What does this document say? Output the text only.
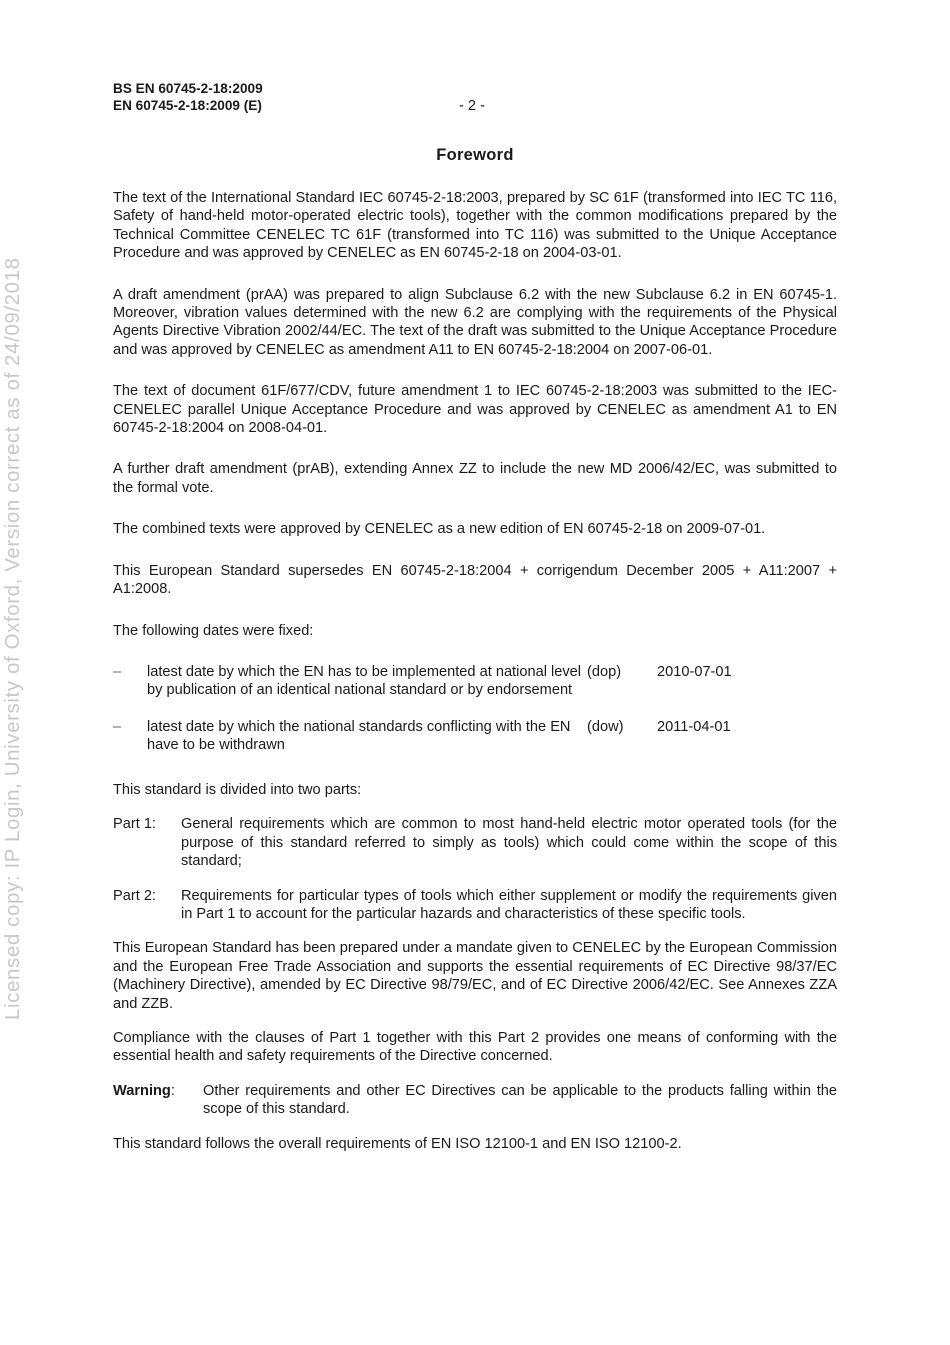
Licensed copy: IP Login, University of Oxford, Version correct as of 24/09/2018
BS EN 60745-2-18:2009
EN 60745-2-18:2009 (E)	- 2 -
Foreword

The text of the International Standard IEC 60745-2-18:2003, prepared by SC 61F (transformed into IEC TC 116, Safety of hand-held motor-operated electric tools), together with the common modifications prepared by the Technical Committee CENELEC TC 61F (transformed into TC 116) was submitted to the Unique Acceptance Procedure and was approved by CENELEC as EN 60745-2-18 on 2004-03-01.

A draft amendment (prAA) was prepared to align Subclause 6.2 with the new Subclause 6.2 in EN 60745-1. Moreover, vibration values determined with the new 6.2 are complying with the requirements of the Physical Agents Directive Vibration 2002/44/EC. The text of the draft was submitted to the Unique Acceptance Procedure and was approved by CENELEC as amendment A11 to EN 60745-2-18:2004 on 2007-06-01.

The text of document 61F/677/CDV, future amendment 1 to IEC 60745-2-18:2003 was submitted to the IEC-CENELEC parallel Unique Acceptance Procedure and was approved by CENELEC as amendment A1 to EN 60745-2-18:2004 on 2008-04-01.

A further draft amendment (prAB), extending Annex ZZ to include the new MD 2006/42/EC, was submitted to the formal vote.

The combined texts were approved by CENELEC as a new edition of EN 60745-2-18 on 2009-07-01.

This European Standard supersedes EN 60745-2-18:2004 + corrigendum December 2005 + A11:2007 + A1:2008.

The following dates were fixed:

– latest date by which the EN has to be implemented at national level by publication of an identical national standard or by endorsement
(dop) 2010-07-01
– latest date by which the national standards conflicting with the EN have to be withdrawn
(dow) 2011-04-01

This standard is divided into two parts:

Part 1: General requirements which are common to most hand-held electric motor operated tools (for the purpose of this standard referred to simply as tools) which could come within the scope of this standard;
Part 2: Requirements for particular types of tools which either supplement or modify the requirements given in Part 1 to account for the particular hazards and characteristics of these specific tools.

This European Standard has been prepared under a mandate given to CENELEC by the European Commission and the European Free Trade Association and supports the essential requirements of EC Directive 98/37/EC (Machinery Directive), amended by EC Directive 98/79/EC, and of EC Directive 2006/42/EC. See Annexes ZZA and ZZB.

Compliance with the clauses of Part 1 together with this Part 2 provides one means of conforming with the essential health and safety requirements of the Directive concerned.

Warning: Other requirements and other EC Directives can be applicable to the products falling within the scope of this standard.

This standard follows the overall requirements of EN ISO 12100-1 and EN ISO 12100-2.
